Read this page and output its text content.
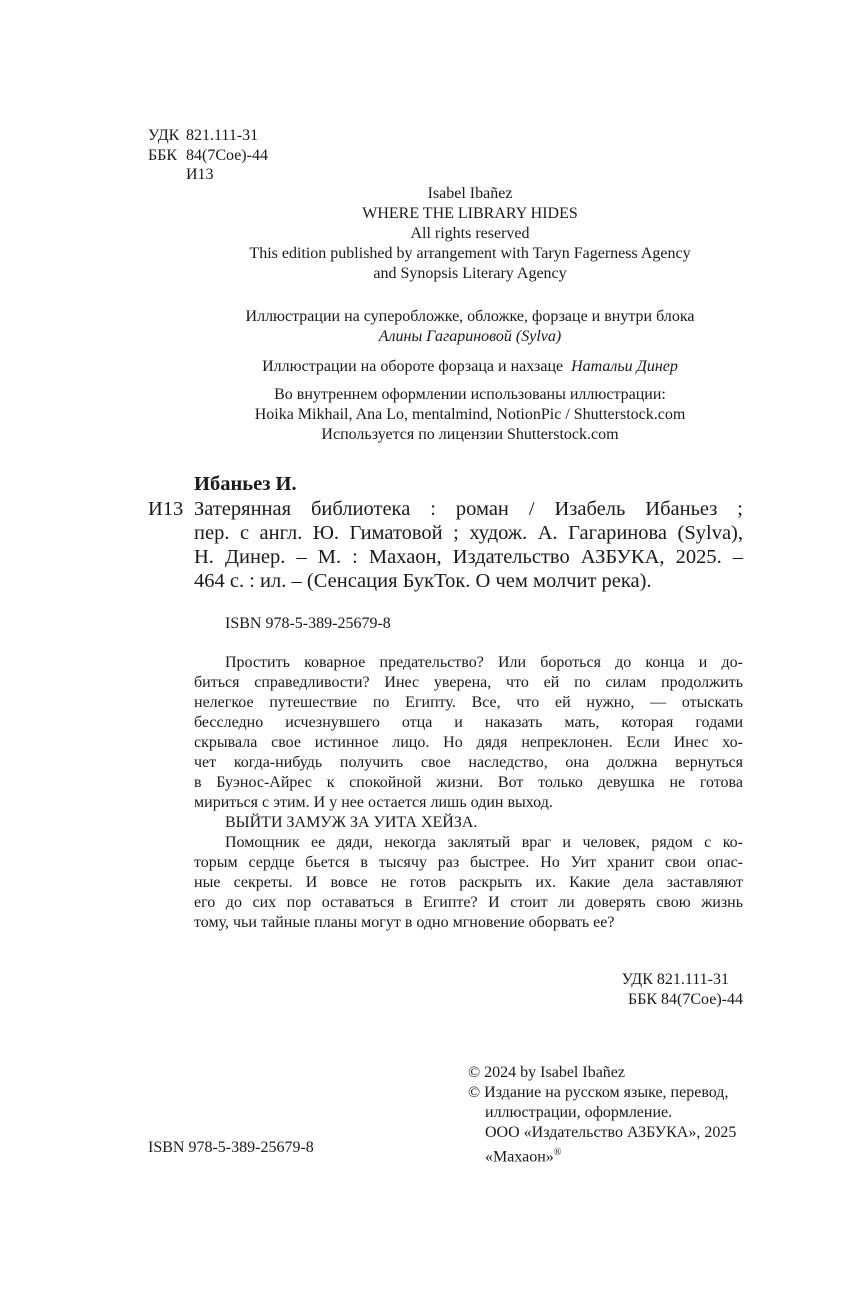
УДК 821.111-31
ББК 84(7Сое)-44
И13
Isabel Ibañez
WHERE THE LIBRARY HIDES
All rights reserved
This edition published by arrangement with Taryn Fagerness Agency
and Synopsis Literary Agency
Иллюстрации на суперобложке, обложке, форзаце и внутри блока
Алины Гагариновой (Sylva)
Иллюстрации на обороте форзаца и нахзаце Натальи Динер
Во внутреннем оформлении использованы иллюстрации:
Hoika Mikhail, Ana Lo, mentalmind, NotionPic / Shutterstock.com
Используется по лицензии Shutterstock.com
Ибаньез И.
И13 Затерянная библиотека : роман / Изабель Ибаньез ;
пер. с англ. Ю. Гиматовой ; худож. А. Гагаринова (Sylva),
Н. Динер. – М. : Махаон, Издательство АЗБУКА, 2025. –
464 с. : ил. – (Сенсация БукТок. О чем молчит река).
ISBN 978-5-389-25679-8
Простить коварное предательство? Или бороться до конца и до-
биться справедливости? Инес уверена, что ей по силам продолжить
нелегкое путешествие по Египту. Все, что ей нужно, — отыскать
бесследно исчезнувшего отца и наказать мать, которая годами
скрывала свое истинное лицо. Но дядя непреклонен. Если Инес хо-
чет когда-нибудь получить свое наследство, она должна вернуться
в Буэнос-Айрес к спокойной жизни. Вот только девушка не готова
мириться с этим. И у нее остается лишь один выход.
ВЫЙТИ ЗАМУЖ ЗА УИТА ХЕЙЗА.
Помощник ее дяди, некогда заклятый враг и человек, рядом с ко-
торым сердце бьется в тысячу раз быстрее. Но Уит хранит свои опас-
ные секреты. И вовсе не готов раскрыть их. Какие дела заставляют
его до сих пор оставаться в Египте? И стоит ли доверять свою жизнь
тому, чьи тайные планы могут в одно мгновение оборвать ее?
УДК 821.111-31
ББК 84(7Сое)-44
© 2024 by Isabel Ibañez
© Издание на русском языке, перевод,
иллюстрации, оформление.
ООО «Издательство АЗБУКА», 2025
«Махаон»®
ISBN 978-5-389-25679-8
